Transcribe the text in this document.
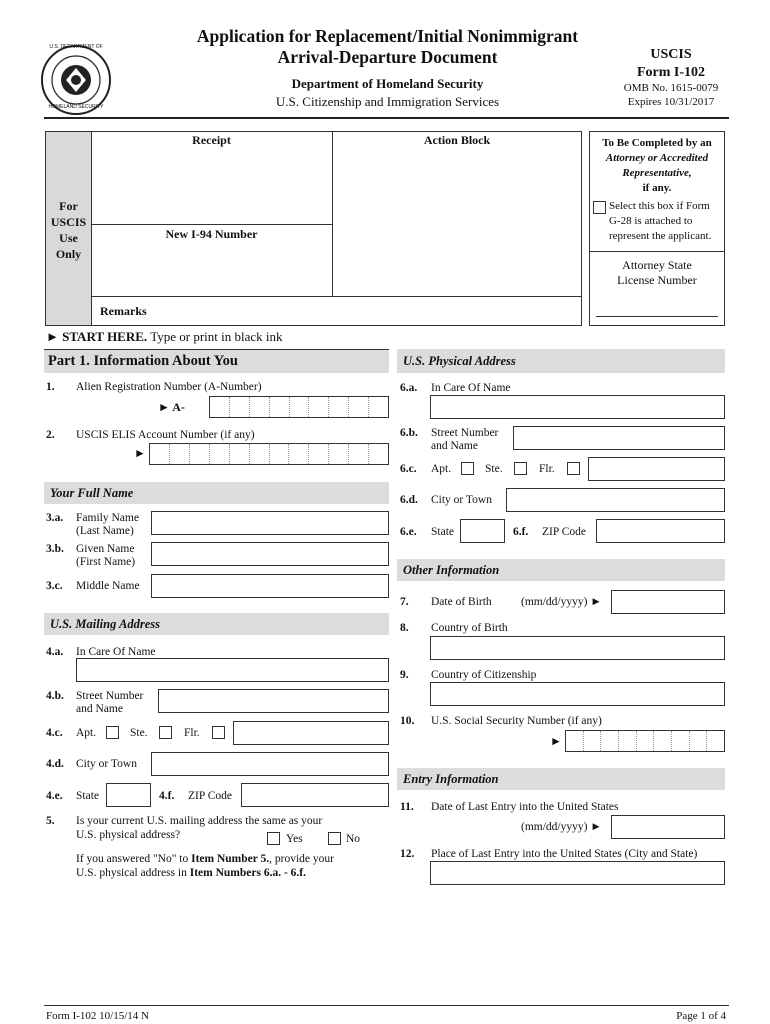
U.S. DEPARTMENT OF
HOMELAND SECURITY
Application for Replacement/Initial Nonimmigrant
Arrival-Departure Document
Department of Homeland Security
U.S. Citizenship and Immigration Services
USCIS
Form I-102
OMB No. 1615-0079
Expires 10/31/2017
For
USCIS
Use
Only
Receipt	Action Block
New I-94 Number
Remarks
To Be Completed by an
Attorney or Accredited
Representative,
if any.
Select this box if Form
G-28 is attached to
represent the applicant.
Attorney State
License Number
► START HERE. Type or print in black ink
Part 1. Information About You
1. Alien Registration Number (A-Number)
► A-
2. USCIS ELIS Account Number (if any)
►
Your Full Name
3.a. Family Name
(Last Name)
3.b. Given Name
(First Name)
3.c. Middle Name
U.S. Mailing Address
4.a. In Care Of Name
4.b. Street Number
and Name
4.c. Apt.	Ste.	Flr.
4.d. City or Town
4.e. State	4.f. ZIP Code
5. Is your current U.S. mailing address the same as your
U.S. physical address?	Yes	No
If you answered "No" to Item Number 5., provide your
U.S. physical address in Item Numbers 6.a. - 6.f.
U.S. Physical Address
6.a. In Care Of Name
6.b. Street Number
and Name
6.c. Apt.	Ste.	Flr.
6.d. City or Town
6.e. State	6.f. ZIP Code
Other Information
7. Date of Birth	(mm/dd/yyyy) ►
8. Country of Birth
9. Country of Citizenship
10. U.S. Social Security Number (if any)
►
Entry Information
11. Date of Last Entry into the United States
(mm/dd/yyyy) ►
12. Place of Last Entry into the United States (City and State)
Form I-102 10/15/14 N	Page 1 of 4
